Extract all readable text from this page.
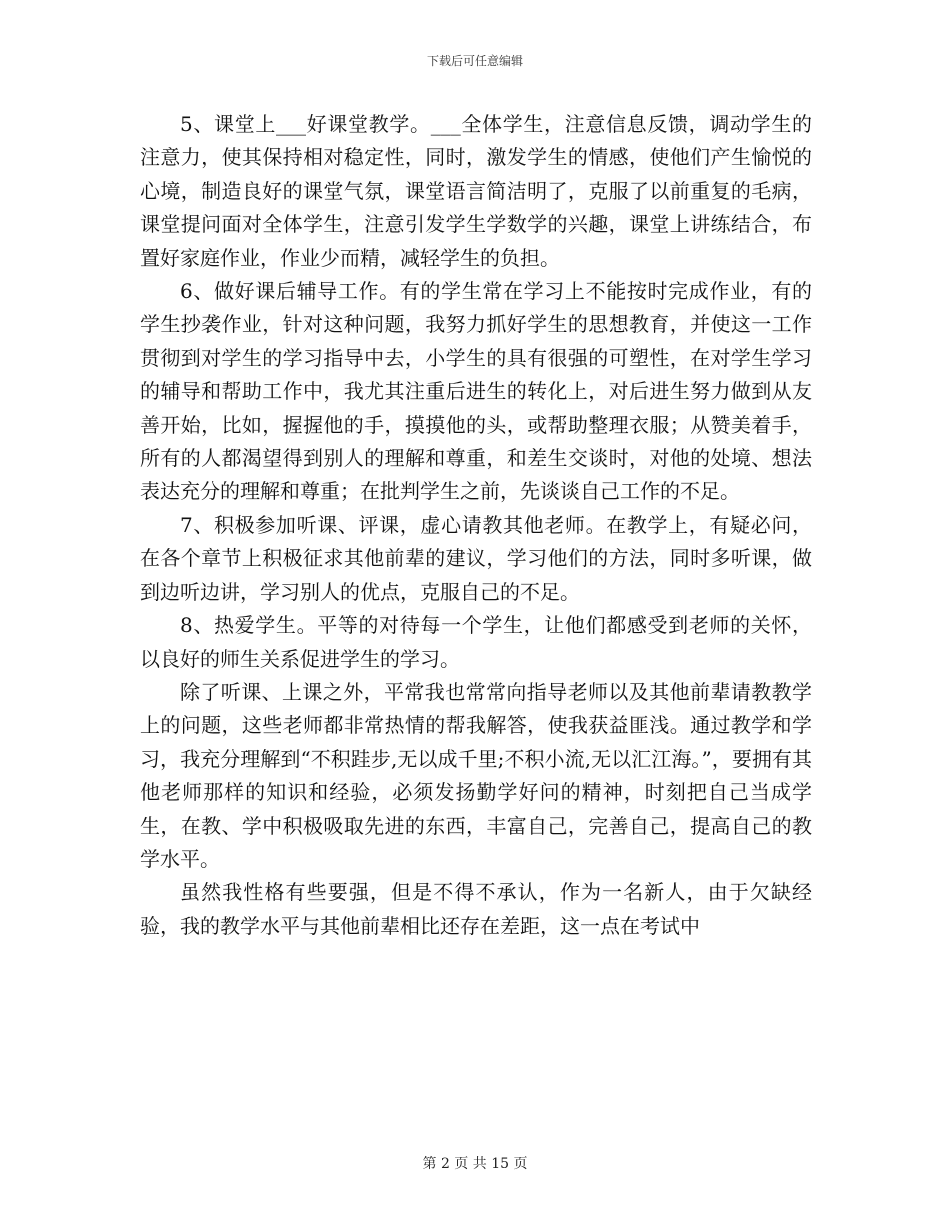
下载后可任意编辑

5、课堂上___好课堂教学。___全体学生，注意信息反馈，调动学生的注意力，使其保持相对稳定性，同时，激发学生的情感，使他们产生愉悦的心境，制造良好的课堂气氛，课堂语言简洁明了，克服了以前重复的毛病，课堂提问面对全体学生，注意引发学生学数学的兴趣，课堂上讲练结合，布置好家庭作业，作业少而精，减轻学生的负担。

6、做好课后辅导工作。有的学生常在学习上不能按时完成作业，有的学生抄袭作业，针对这种问题，我努力抓好学生的思想教育，并使这一工作贯彻到对学生的学习指导中去，小学生的具有很强的可塑性，在对学生学习的辅导和帮助工作中，我尤其注重后进生的转化上，对后进生努力做到从友善开始，比如，握握他的手，摸摸他的头，或帮助整理衣服；从赞美着手，所有的人都渴望得到别人的理解和尊重，和差生交谈时，对他的处境、想法表达充分的理解和尊重；在批判学生之前，先谈谈自己工作的不足。

7、积极参加听课、评课，虚心请教其他老师。在教学上，有疑必问，在各个章节上积极征求其他前辈的建议，学习他们的方法，同时多听课，做到边听边讲，学习别人的优点，克服自己的不足。

8、热爱学生。平等的对待每一个学生，让他们都感受到老师的关怀，以良好的师生关系促进学生的学习。

除了听课、上课之外，平常我也常常向指导老师以及其他前辈请教教学上的问题，这些老师都非常热情的帮我解答，使我获益匪浅。通过教学和学习，我充分理解到“不积跬步,无以成千里;不积小流,无以汇江海。”，要拥有其他老师那样的知识和经验，必须发扬勤学好问的精神，时刻把自己当成学生，在教、学中积极吸取先进的东西，丰富自己，完善自己，提高自己的教学水平。

虽然我性格有些要强，但是不得不承认，作为一名新人，由于欠缺经验，我的教学水平与其他前辈相比还存在差距，这一点在考试中

第 2 页 共 15 页
